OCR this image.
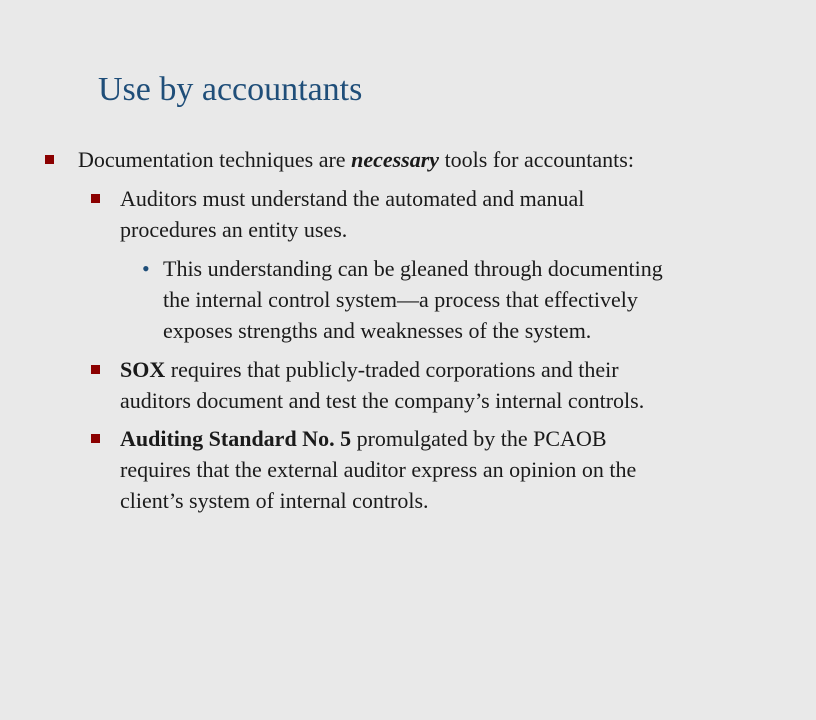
Use by accountants
Documentation techniques are necessary tools for accountants:
Auditors must understand the automated and manual
procedures an entity uses.
• This understanding can be gleaned through documenting
the internal control system—a process that effectively
exposes strengths and weaknesses of the system.
SOX requires that publicly-traded corporations and their
auditors document and test the company’s internal controls.
Auditing Standard No. 5 promulgated by the PCAOB
requires that the external auditor express an opinion on the
client’s system of internal controls.
